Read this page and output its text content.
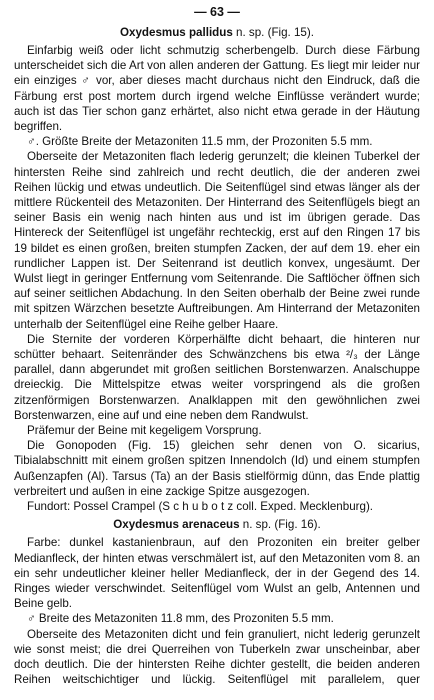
— 63 —
Oxydesmus pallidus n. sp. (Fig. 15).

Einfarbig weiß oder licht schmutzig scherbengelb. Durch diese Färbung unterscheidet sich die Art von allen anderen der Gattung. Es liegt mir leider nur ein einziges ♂ vor, aber dieses macht durchaus nicht den Eindruck, daß die Färbung erst post mortem durch irgend welche Einflüsse verändert wurde; auch ist das Tier schon ganz erhärtet, also nicht etwa gerade in der Häutung begriffen.

♂. Größte Breite der Metazoniten 11.5 mm, der Prozoniten 5.5 mm.

Oberseite der Metazoniten flach lederig gerunzelt; die kleinen Tuberkel der hintersten Reihe sind zahlreich und recht deutlich, die der anderen zwei Reihen lückig und etwas undeutlich. Die Seitenflügel sind etwas länger als der mittlere Rückenteil des Metazoniten. Der Hinterrand des Seitenflügels biegt an seiner Basis ein wenig nach hinten aus und ist im übrigen gerade. Das Hintereck der Seitenflügel ist ungefähr rechteckig, erst auf den Ringen 17 bis 19 bildet es einen großen, breiten stumpfen Zacken, der auf dem 19. eher ein rundlicher Lappen ist. Der Seitenrand ist deutlich konvex, ungesäumt. Der Wulst liegt in geringer Entfernung vom Seitenrande. Die Saftlöcher öffnen sich auf seiner seitlichen Abdachung. In den Seiten oberhalb der Beine zwei runde mit spitzen Wärzchen besetzte Auftreibungen. Am Hinterrand der Metazoniten unterhalb der Seitenflügel eine Reihe gelber Haare.

Die Sternite der vorderen Körperhälfte dicht behaart, die hinteren nur schütter behaart. Seitenränder des Schwänzchens bis etwa ²/₃ der Länge parallel, dann abgerundet mit großen seitlichen Borstenwarzen. Analschuppe dreieckig. Die Mittelspitze etwas weiter vorspringend als die großen zitzenförmigen Borstenwarzen. Analklappen mit den gewöhnlichen zwei Borstenwarzen, eine auf und eine neben dem Randwulst.

Präfemur der Beine mit kegeligem Vorsprung.

Die Gonopoden (Fig. 15) gleichen sehr denen von O. sicarius, Tibialabschnitt mit einem großen spitzen Innendolch (Id) und einem stumpfen Außenzapfen (Al). Tarsus (Ta) an der Basis stielförmig dünn, das Ende plattig verbreitert und außen in eine zackige Spitze ausgezogen.

Fundort: Possel Crampel (S c h u b o t z coll. Exped. Mecklenburg).

Oxydesmus arenaceus n. sp. (Fig. 16).

Farbe: dunkel kastanienbraun, auf den Prozoniten ein breiter gelber Medianfleck, der hinten etwas verschmälert ist, auf den Metazoniten vom 8. an ein sehr undeutlicher kleiner heller Medianfleck, der in der Gegend des 14. Ringes wieder verschwindet. Seitenflügel vom Wulst an gelb, Antennen und Beine gelb.

♂ Breite des Metazoniten 11.8 mm, des Prozoniten 5.5 mm.

Oberseite des Metazoniten dicht und fein granuliert, nicht lederig gerunzelt wie sonst meist; die drei Querreihen von Tuberkeln zwar unscheinbar, aber doch deutlich. Die der hintersten Reihe dichter gestellt, die beiden anderen Reihen weitschichtiger und lückig. Seitenflügel mit parallelem, quer
